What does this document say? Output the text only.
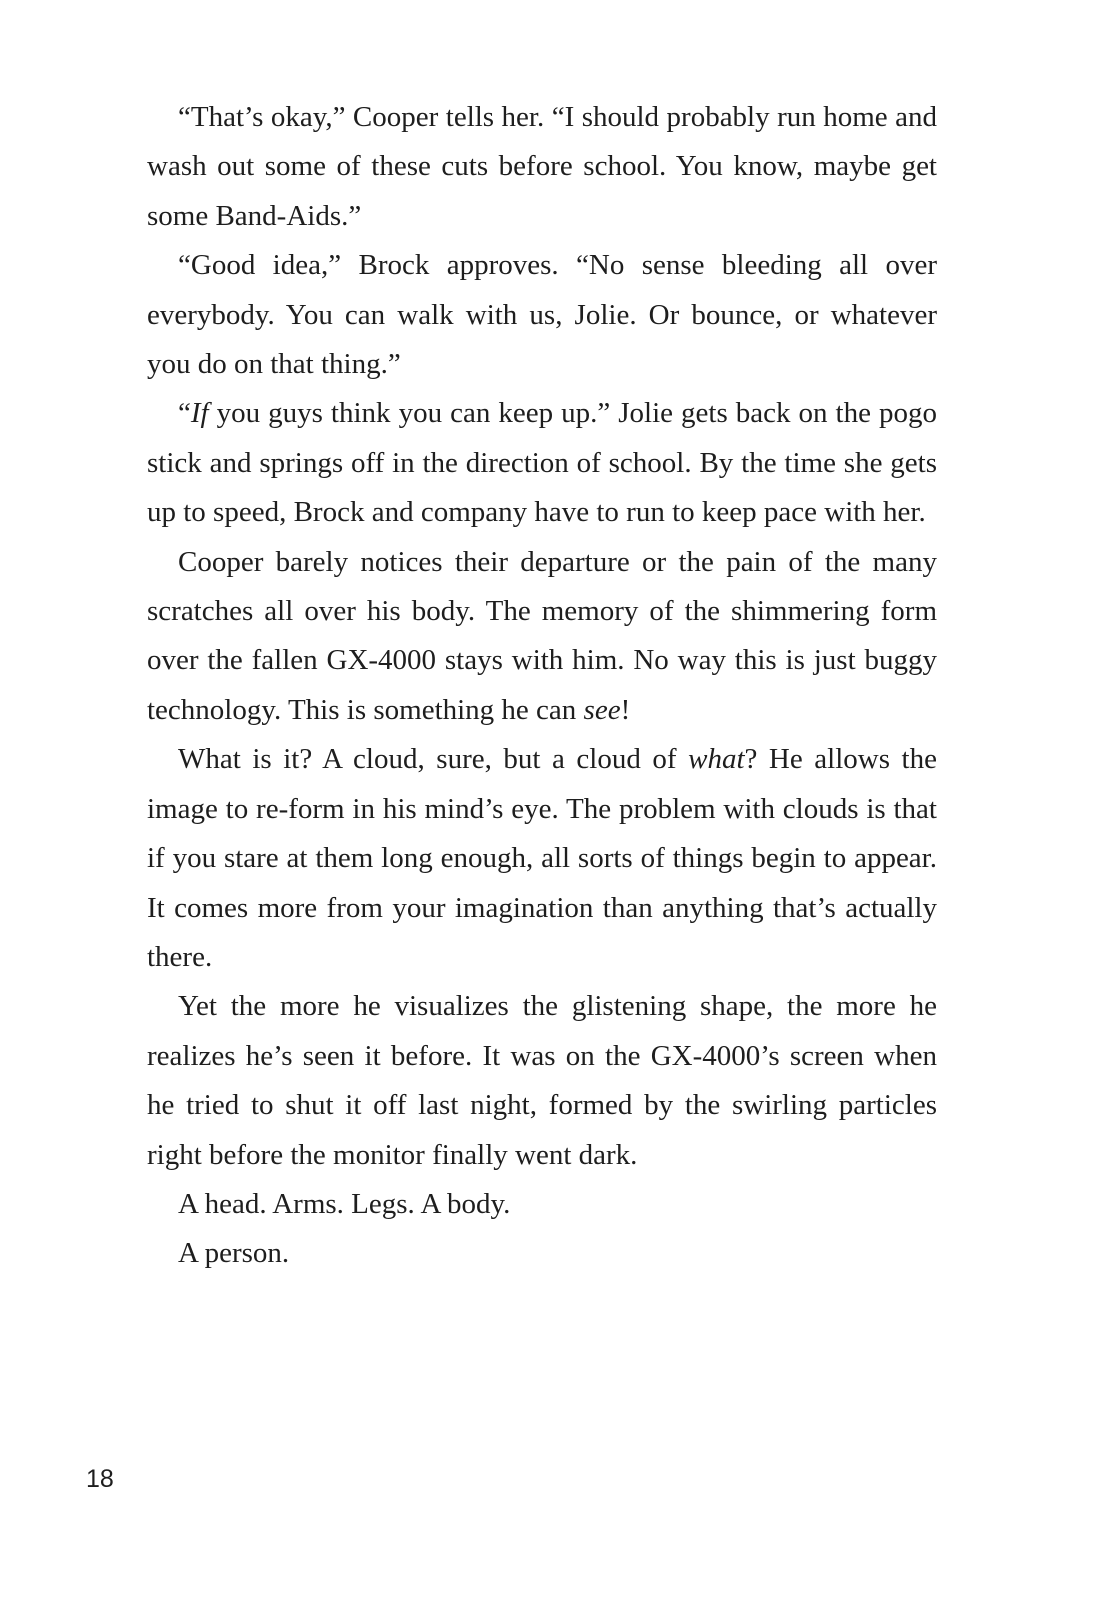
“That’s okay,” Cooper tells her. “I should probably run home and wash out some of these cuts before school. You know, maybe get some Band-Aids.”

“Good idea,” Brock approves. “No sense bleeding all over everybody. You can walk with us, Jolie. Or bounce, or whatever you do on that thing.”

“If you guys think you can keep up.” Jolie gets back on the pogo stick and springs off in the direction of school. By the time she gets up to speed, Brock and company have to run to keep pace with her.

Cooper barely notices their departure or the pain of the many scratches all over his body. The memory of the shimmering form over the fallen GX-4000 stays with him. No way this is just buggy technology. This is something he can see!

What is it? A cloud, sure, but a cloud of what? He allows the image to re-form in his mind’s eye. The problem with clouds is that if you stare at them long enough, all sorts of things begin to appear. It comes more from your imagination than anything that’s actually there.

Yet the more he visualizes the glistening shape, the more he realizes he’s seen it before. It was on the GX-4000’s screen when he tried to shut it off last night, formed by the swirling particles right before the monitor finally went dark.

A head. Arms. Legs. A body.

A person.

18
